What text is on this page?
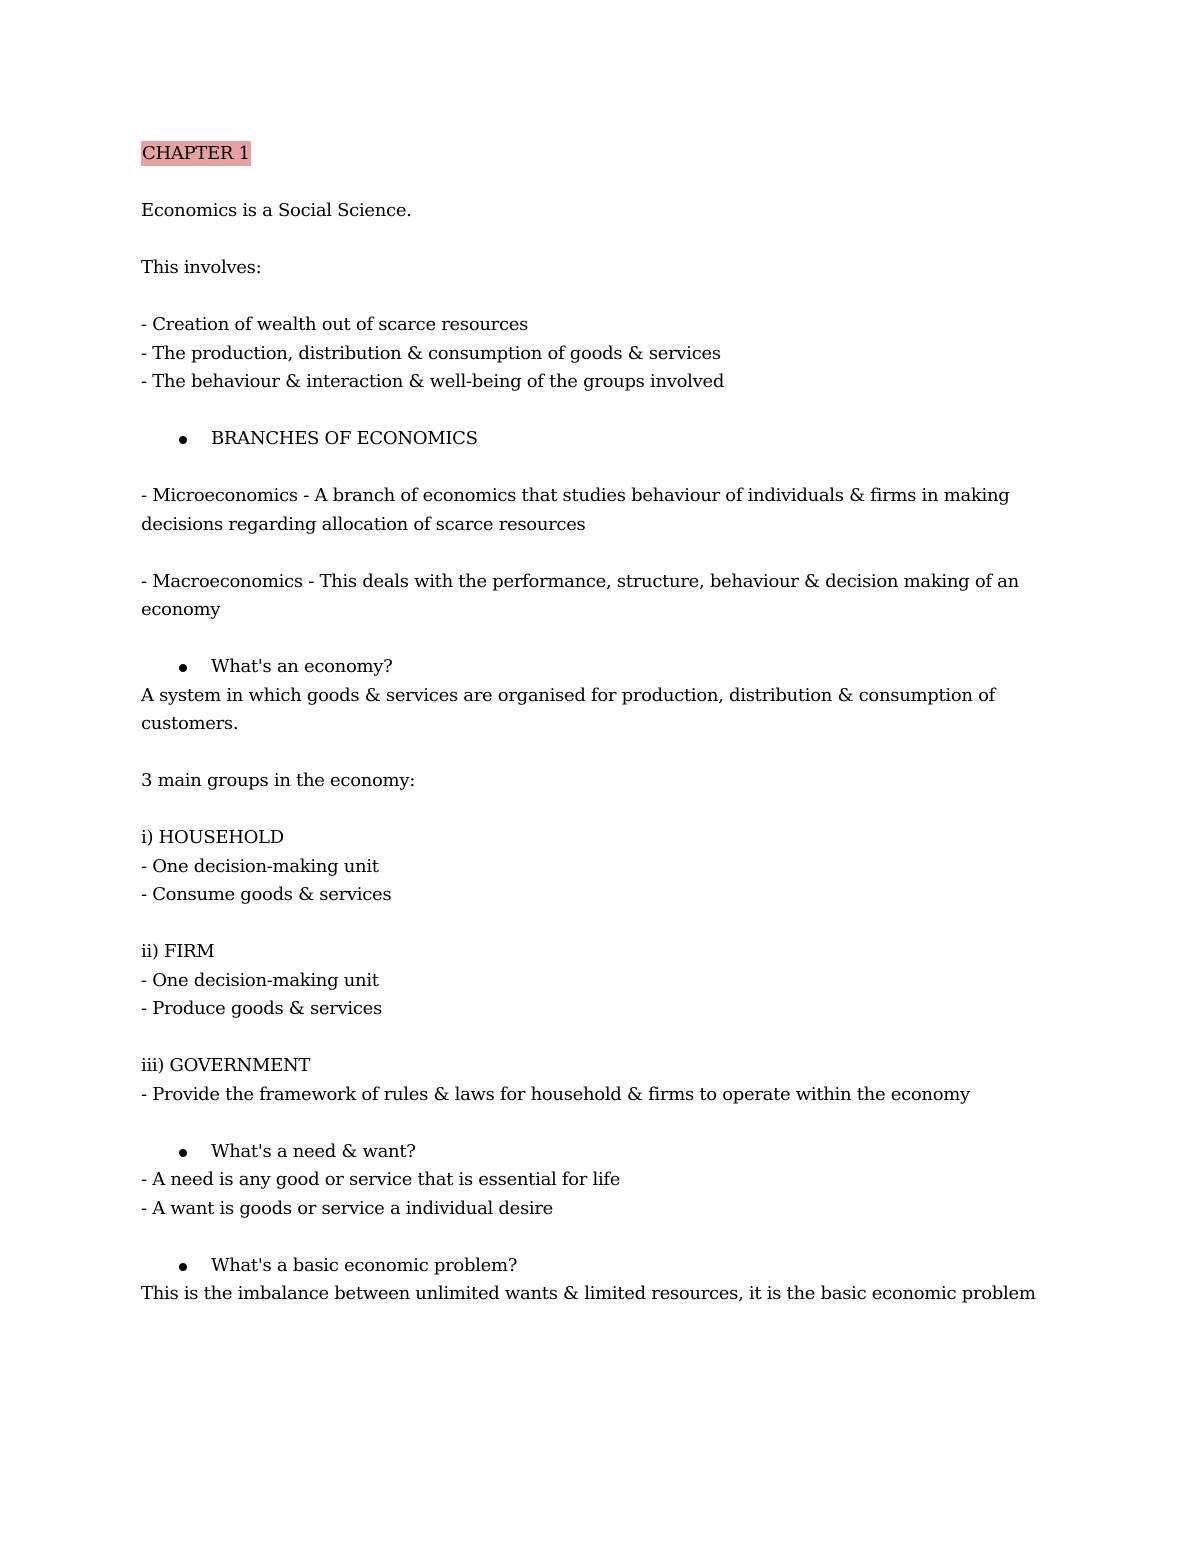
CHAPTER 1
Economics is a Social Science.
This involves:
- Creation of wealth out of scarce resources
- The production, distribution & consumption of goods & services
- The behaviour & interaction & well-being of the groups involved
BRANCHES OF ECONOMICS
- Microeconomics - A branch of economics that studies behaviour of individuals & firms in making
decisions regarding allocation of scarce resources
- Macroeconomics - This deals with the performance, structure, behaviour & decision making of an
economy
What's an economy?
A system in which goods & services are organised for production, distribution & consumption of
customers.
3 main groups in the economy:
i) HOUSEHOLD
- One decision-making unit
- Consume goods & services
ii) FIRM
- One decision-making unit
- Produce goods & services
iii) GOVERNMENT
- Provide the framework of rules & laws for household & firms to operate within the economy
What's a need & want?
- A need is any good or service that is essential for life
- A want is goods or service a individual desire
What's a basic economic problem?
This is the imbalance between unlimited wants & limited resources, it is the basic economic problem
